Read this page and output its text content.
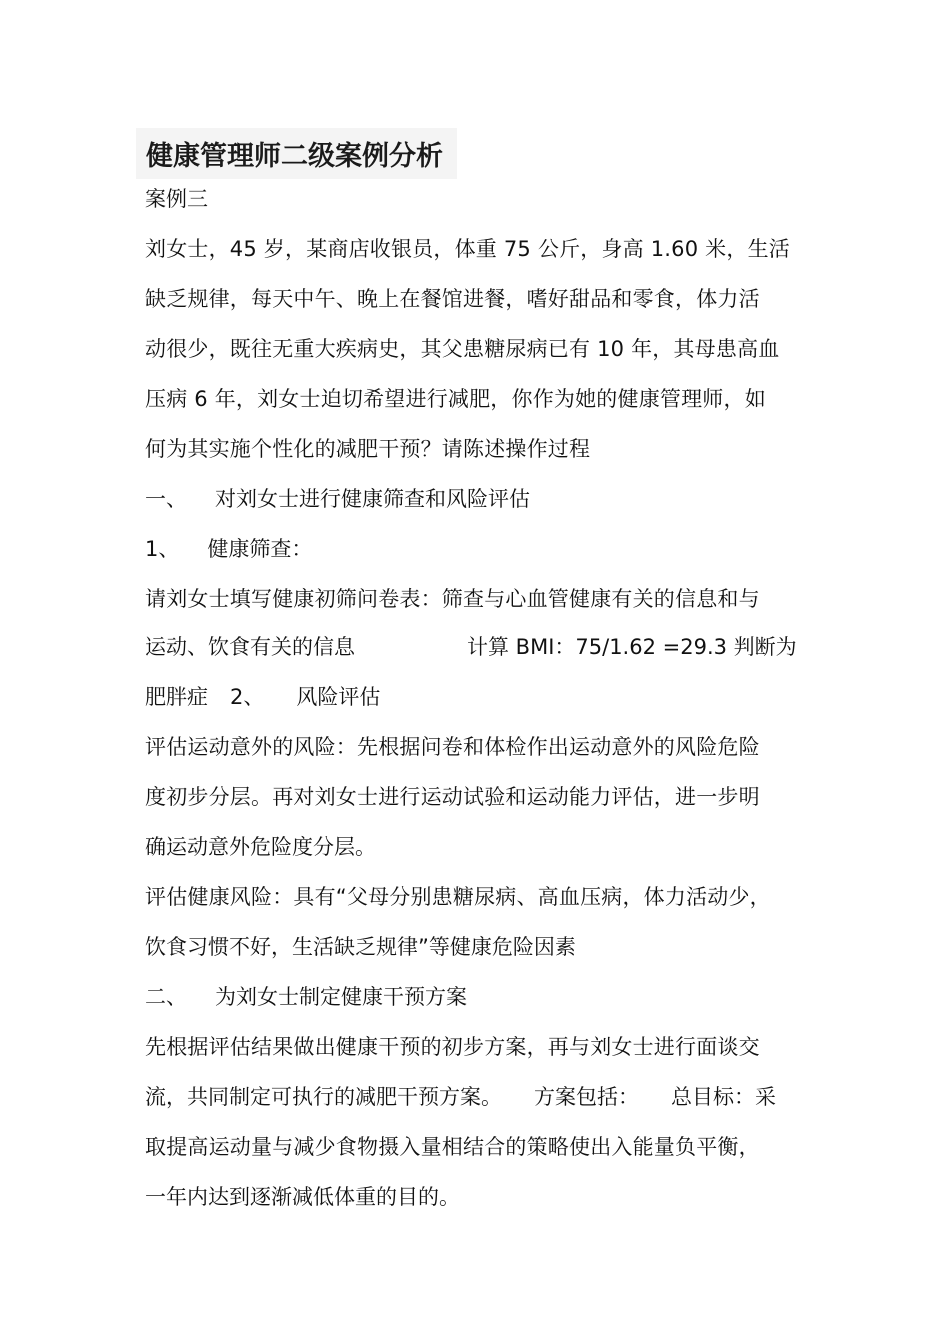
健康管理师二级案例分析
案例三
刘女士，45 岁，某商店收银员，体重 75 公斤，身高 1.60 米，生活
缺乏规律，每天中午、晚上在餐馆进餐，嗜好甜品和零食，体力活
动很少，既往无重大疾病史，其父患糖尿病已有 10 年，其母患高血
压病 6 年，刘女士迫切希望进行减肥，你作为她的健康管理师，如
何为其实施个性化的减肥干预？请陈述操作过程
一、 对刘女士进行健康筛查和风险评估
1、 健康筛查：
请刘女士填写健康初筛问卷表：筛查与心血管健康有关的信息和与
运动、饮食有关的信息	计算 BMI：75/1.62 =29.3 判断为
肥胖症 2、 风险评估
评估运动意外的风险：先根据问卷和体检作出运动意外的风险危险
度初步分层。再对刘女士进行运动试验和运动能力评估，进一步明
确运动意外危险度分层。
评估健康风险：具有“父母分别患糖尿病、高血压病，体力活动少，
饮食习惯不好，生活缺乏规律”等健康危险因素
二、 为刘女士制定健康干预方案
先根据评估结果做出健康干预的初步方案，再与刘女士进行面谈交
流，共同制定可执行的减肥干预方案。 方案包括： 总目标：采
取提高运动量与减少食物摄入量相结合的策略使出入能量负平衡，
一年内达到逐渐减低体重的目的。
